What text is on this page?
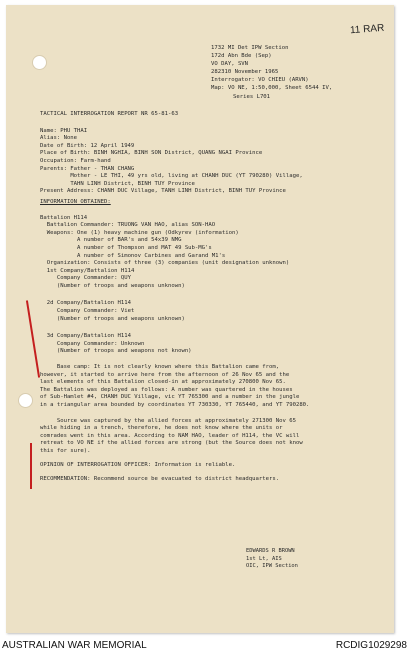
11 RAR
1732 MI Det IPW Section
172d Abn Bde (Sep)
VO DAY, SVN
282310 November 1965
Interrogator: VO CHIEU (ARVN)
Map: VO NE, 1:50,000, Sheet 6544 IV,
Series L701
TACTICAL INTERROGATION REPORT NR 65-81-63
Name: PHU THAI
Alias: None
Date of Birth: 12 April 1949
Place of Birth: BINH NGHIA, BINH SON District, QUANG NGAI Province
Occupation: Farm-hand
Parents: Father - THAN CHANG
Mother - LE THI, 49 yrs old, living at CHANH DUC (YT 790280) Village,
TAHN LINH District, BINH TUY Province
Present Address: CHANH DUC Village, TANH LINH District, BINH TUY Province
INFORMATION OBTAINED:
Battalion H114
Battalion Commander: TRUONG VAN HAO, alias SON-HAO
Weapons: One (1) heavy machine gun (Odkyrev (information)
A number of BAR's and 54x39 NMG
A number of Thompson and MAT 49 Sub-MG's
A number of Simonov Carbines and Garand M1's
Organization: Consists of three (3) companies (unit designation unknown)
1st Company/Battalion H114
Company Commander: QUY
(Number of troops and weapons unknown)
2d Company/Battalion H114
Company Commander: Viet
(Number of troops and weapons unknown)
3d Company/Battalion H114
Company Commander: Unknown
(Number of troops and weapons not known)
Base camp: It is not clearly known where this Battalion came from,
however, it started to arrive here from the afternoon of 26 Nov 65 and the
last elements of this Battalion closed-in at approximately 270800 Nov 65.
The Battalion was deployed as follows: A number was quartered in the houses
of Sub-Hamlet #4, CHANH DUC Village, vic YT 765300 and a number in the jungle
in a triangular area bounded by coordinates YT 730330, YT 765440, and YT 790280.
Source was captured by the allied forces at approximately 271300 Nov 65
while hiding in a trench, therefore, he does not know where the units or
comrades went in this area. According to NAM HAO, leader of H114, the VC will
retreat to VO NE if the allied forces are strong (but the Source does not know
this for sure).
OPINION OF INTERROGATION OFFICER: Information is reliable.
RECOMMENDATION: Recommend source be evacuated to district headquarters.
EDWARDS R BROWN
1st Lt, AIS
OIC, IPW Section
AUSTRALIAN WAR MEMORIAL	RCDIG1029298
